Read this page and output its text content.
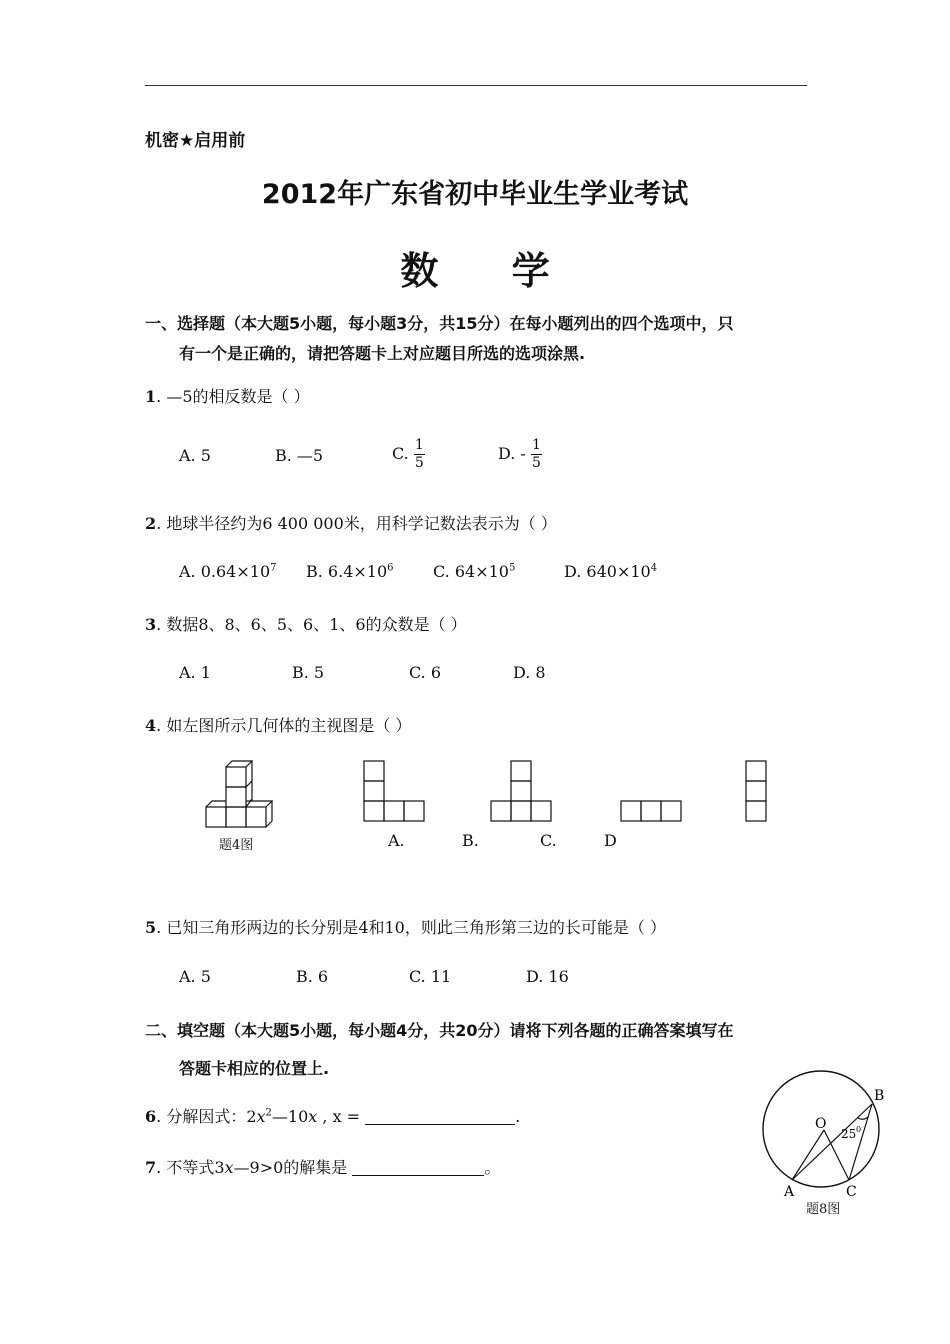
机密★启用前
2012年广东省初中毕业生学业考试
数 学
一、选择题（本大题5小题，每小题3分，共15分）在每小题列出的四个选项中，只
有一个是正确的，请把答题卡上对应题目所选的选项涂黑.
1. —5的相反数是（ ）
A. 5	B. —5	C. $\frac{1}{5}$	D. - $\frac{1}{5}$
2. 地球半径约为6 400 000米，用科学记数法表示为（ ）
A. $0.64\times 10^7$ B. $6.4\times 10^6$ C. $64\times 10^5$	D. $640\times 10^4$
3. 数据8、8、6、5、6、1、6的众数是（ ）
A. 1	B. 5	C. 6	D. 8
4. 如左图所示几何体的主视图是（ ）
题4图	A.	B.	C.	D
5. 已知三角形两边的长分别是4和10，则此三角形第三边的长可能是（ ）
A. 5	B. 6	C. 11	D. 16
二、填空题（本大题5小题，每小题4分，共20分）请将下列各题的正确答案填写在
答题卡相应的位置上.
6. 分解因式：$2x^2—10x$ , x =	.
7. 不等式3x—9>0的解集是	。
B
O
A	C
25 0
题8图
